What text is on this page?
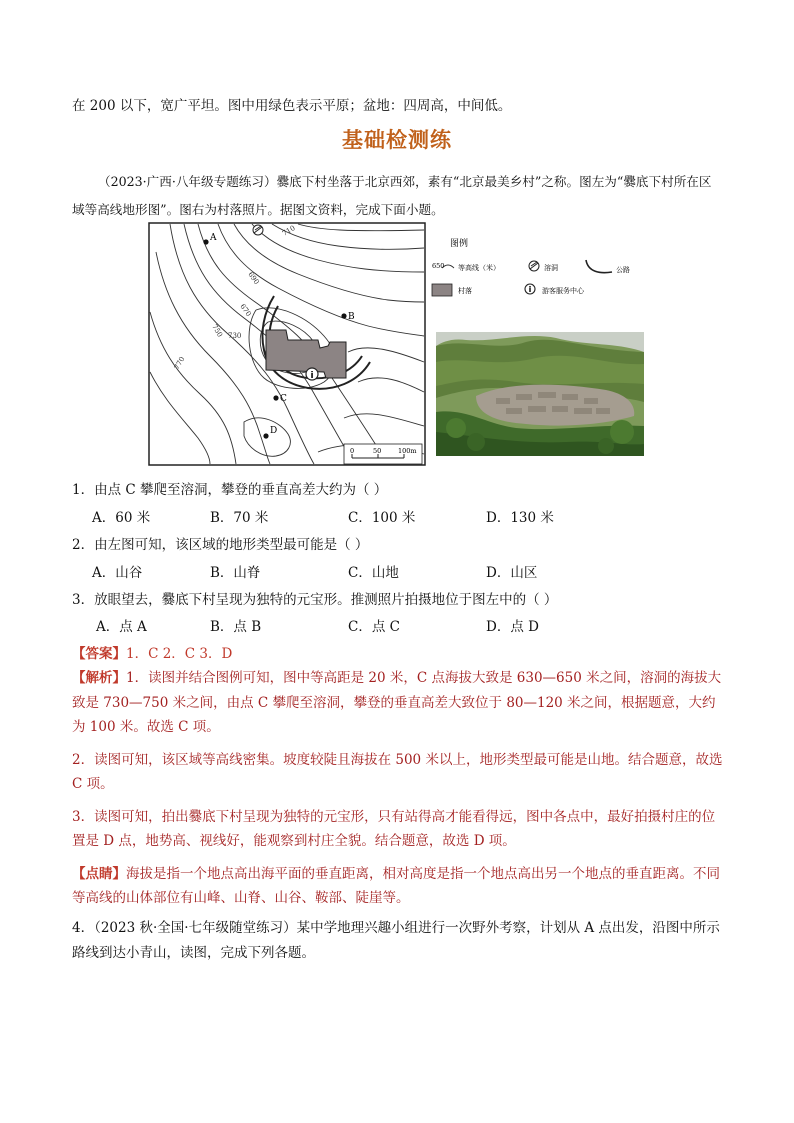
在 200 以下，宽广平坦。图中用绿色表示平原；盆地：四周高，中间低。
基础检测练
（2023·广西·八年级专题练习）爨底下村坐落于北京西郊，素有“北京最美乡村”之称。图左为“爨底下村所在区域等高线地形图”。图右为村落照片。据图文资料，完成下面小题。
i
A
B
C
D
710
690
670
730
750
770
0	50	100m
图例
650 等高线（米）	溶洞	公路
村落	i 游客服务中心
1．由点 C 攀爬至溶洞，攀登的垂直高差大约为（ ）
A．60 米	B．70 米	C．100 米	D．130 米
2．由左图可知，该区域的地形类型最可能是（ ）
A．山谷	B．山脊	C．山地	D．山区
3．放眼望去，爨底下村呈现为独特的元宝形。推测照片拍摄地位于图左中的（ ）
A．点 A	B．点 B	C．点 C	D．点 D
【答案】1．C 2．C 3．D
【解析】1．读图并结合图例可知，图中等高距是 20 米，C 点海拔大致是 630—650 米之间，溶洞的海拔大致是 730—750 米之间，由点 C 攀爬至溶洞，攀登的垂直高差大致位于 80—120 米之间，根据题意，大约为 100 米。故选 C 项。
2．读图可知，该区域等高线密集。坡度较陡且海拔在 500 米以上，地形类型最可能是山地。结合题意，故选 C 项。
3．读图可知，拍出爨底下村呈现为独特的元宝形，只有站得高才能看得远，图中各点中，最好拍摄村庄的位置是 D 点，地势高、视线好，能观察到村庄全貌。结合题意，故选 D 项。
【点睛】海拔是指一个地点高出海平面的垂直距离，相对高度是指一个地点高出另一个地点的垂直距离。不同等高线的山体部位有山峰、山脊、山谷、鞍部、陡崖等。
4．（2023 秋·全国·七年级随堂练习）某中学地理兴趣小组进行一次野外考察，计划从 A 点出发，沿图中所示路线到达小青山，读图，完成下列各题。
